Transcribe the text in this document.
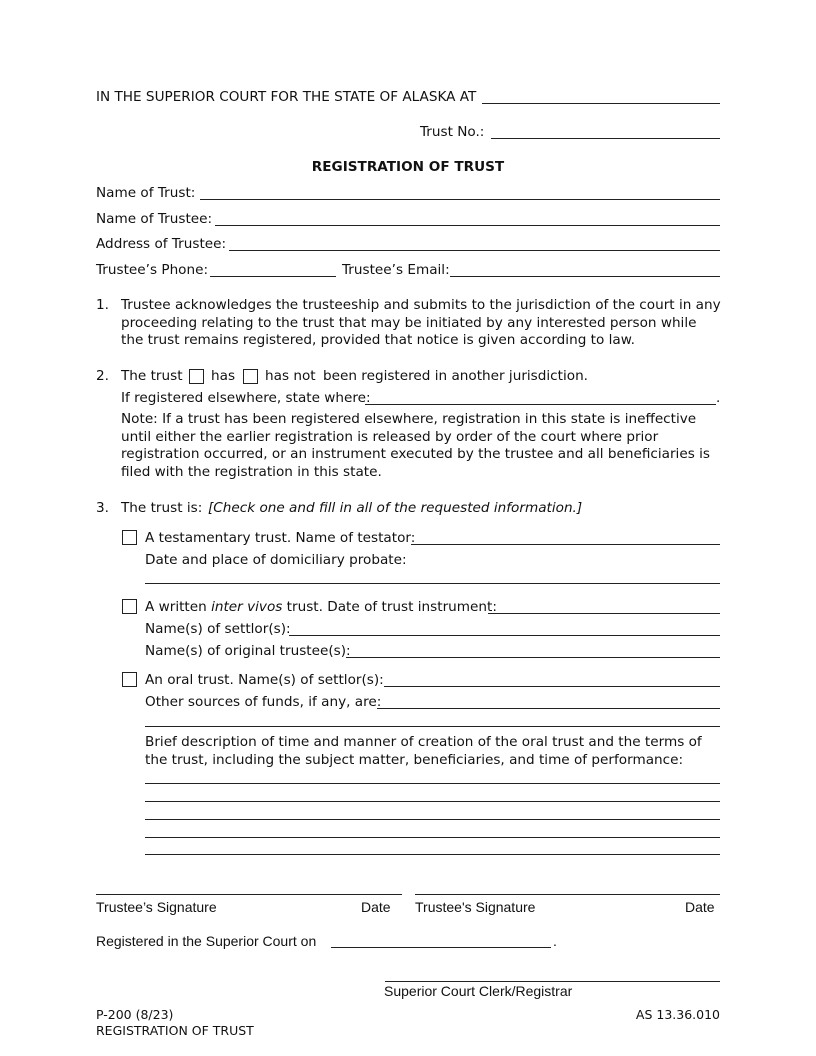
IN THE SUPERIOR COURT FOR THE STATE OF ALASKA AT
Trust No.:
REGISTRATION OF TRUST
Name of Trust:
Name of Trustee:
Address of Trustee:
Trustee’s Phone:	Trustee’s Email:
1. Trustee acknowledges the trusteeship and submits to the jurisdiction of the court in any proceeding relating to the trust that may be initiated by any interested person while the trust remains registered, provided that notice is given according to law.
2. The trust has has not been registered in another jurisdiction.
If registered elsewhere, state where:	.
Note: If a trust has been registered elsewhere, registration in this state is ineffective until either the earlier registration is released by order of the court where prior registration occurred, or an instrument executed by the trustee and all beneficiaries is filed with the registration in this state.
3. The trust is: [Check one and fill in all of the requested information.]
A testamentary trust. Name of testator:
Date and place of domiciliary probate:
A written inter vivos trust. Date of trust instrument:
Name(s) of settlor(s):
Name(s) of original trustee(s):
An oral trust. Name(s) of settlor(s):
Other sources of funds, if any, are:
Brief description of time and manner of creation of the oral trust and the terms of the trust, including the subject matter, beneficiaries, and time of performance:
Trustee’s Signature	Date Trustee's Signature	Date
Registered in the Superior Court on	.
Superior Court Clerk/Registrar
P-200 (8/23)
REGISTRATION OF TRUST
AS 13.36.010
